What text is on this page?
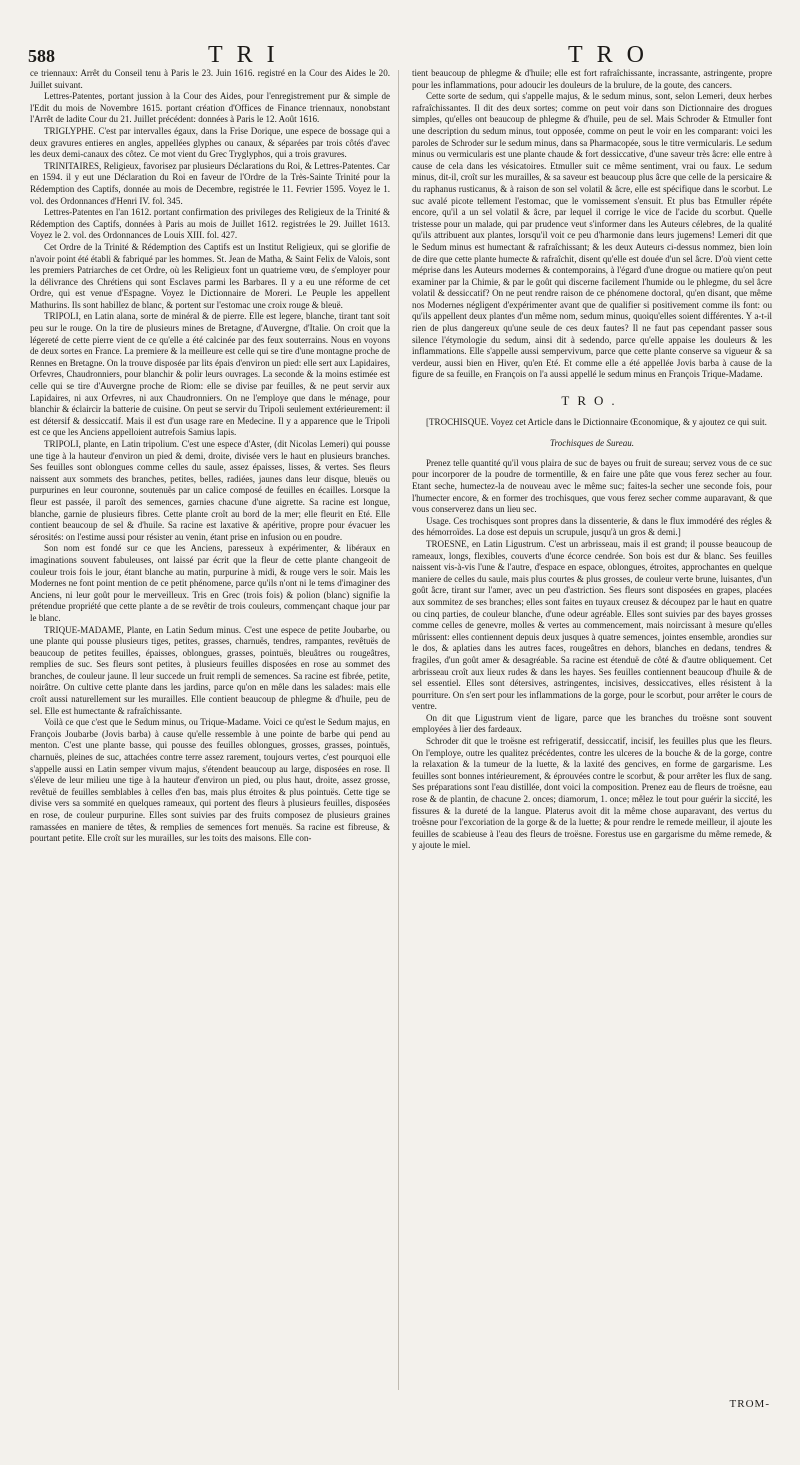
588	TRI	TRO

ce triennaux: Arrêt du Conseil tenu à Paris le 23. Juin 1616. registré en la Cour des Aides le 20. Juillet suivant.

Lettres-Patentes, portant jussion à la Cour des Aides, pour l'enregistrement pur & simple de l'Edit du mois de Novembre 1615. portant création d'Offices de Finance triennaux, nonobstant l'Arrêt de ladite Cour du 21. Juillet précédent: données à Paris le 12. Août 1616.

TRIGLYPHE. C'est par intervalles égaux, dans la Frise Dorique, une espece de bossage qui a deux gravures entieres en angles, appellées glyphes ou canaux, & séparées par trois côtés d'avec les deux demi-canaux des côtez. Ce mot vient du Grec Tryglyphos, qui a trois gravures.

TRINITAIRES, Religieux, favorisez par plusieurs Déclarations du Roi, & Lettres-Patentes. Car en 1594. il y eut une Déclaration du Roi en faveur de l'Ordre de la Très-Sainte Trinité pour la Rédemption des Captifs, donnée au mois de Decembre, registrée le 11. Fevrier 1595. Voyez le 1. vol. des Ordonnances d'Henri IV. fol. 345.

Lettres-Patentes en l'an 1612. portant confirmation des privileges des Religieux de la Trinité & Rédemption des Captifs, données à Paris au mois de Juillet 1612. registrées le 29. Juillet 1613. Voyez le 2. vol. des Ordonnances de Louis XIII. fol. 427.

Cet Ordre de la Trinité & Rédemption des Captifs est un Institut Religieux, qui se glorifie de n'avoir point été établi & fabriqué par les hommes. St. Jean de Matha, & Saint Felix de Valois, sont les premiers Patriarches de cet Ordre, où les Religieux font un quatrieme vœu, de s'employer pour la délivrance des Chrétiens qui sont Esclaves parmi les Barbares. Il y a eu une réforme de cet Ordre, qui est venue d'Espagne. Voyez le Dictionnaire de Moreri. Le Peuple les appellent Mathurins. Ils sont habillez de blanc, & portent sur l'estomac une croix rouge & bleuë.

TRIPOLI, en Latin alana, sorte de minéral & de pierre. Elle est legere, blanche, tirant tant soit peu sur le rouge. On la tire de plusieurs mines de Bretagne, d'Auvergne, d'Italie. On croit que la légereté de cette pierre vient de ce qu'elle a été calcinée par des feux souterrains. Nous en voyons de deux sortes en France. La premiere & la meilleure est celle qui se tire d'une montagne proche de Rennes en Bretagne. On la trouve disposée par lits épais d'environ un pied: elle sert aux Lapidaires, Orfevres, Chaudronniers, pour blanchir & polir leurs ouvrages. La seconde & la moins estimée est celle qui se tire d'Auvergne proche de Riom: elle se divise par feuilles, & ne peut servir aux Lapidaires, ni aux Orfevres, ni aux Chaudronniers. On ne l'employe que dans le ménage, pour blanchir & éclaircir la batterie de cuisine. On peut se servir du Tripoli seulement extérieurement: il est détersif & dessiccatif. Mais il est d'un usage rare en Medecine. Il y a apparence que le Tripoli est ce que les Anciens appelloient autrefois Samius lapis.

TRIPOLI, plante, en Latin tripolium. C'est une espece d'Aster, (dit Nicolas Lemeri) qui pousse une tige à la hauteur d'environ un pied & demi, droite, divisée vers le haut en plusieurs branches. Ses feuilles sont oblongues comme celles du saule, assez épaisses, lisses, & vertes. Ses fleurs naissent aux sommets des branches, petites, belles, radiées, jaunes dans leur disque, bleuës ou purpurines en leur couronne, soutenuës par un calice composé de feuilles en écailles. Lorsque la fleur est passée, il paroît des semences, garnies chacune d'une aigrette. Sa racine est longue, blanche, garnie de plusieurs fibres. Cette plante croît au bord de la mer; elle fleurit en Eté. Elle contient beaucoup de sel & d'huile. Sa racine est laxative & apéritive, propre pour évacuer les sérosités: on l'estime aussi pour résister au venin, étant prise en infusion ou en poudre.

Son nom est fondé sur ce que les Anciens, paresseux à expérimenter, & libéraux en imaginations souvent fabuleuses, ont laissé par écrit que la fleur de cette plante changeoit de couleur trois fois le jour, étant blanche au matin, purpurine à midi, & rouge vers le soir. Mais les Modernes ne font point mention de ce petit phénomene, parce qu'ils n'ont ni le tems d'imaginer des Anciens, ni leur goût pour le merveilleux. Tris en Grec (trois fois) & polion (blanc) signifie la prétendue propriété que cette plante a de se revêtir de trois couleurs, commençant chaque jour par le blanc.

TRIQUE-MADAME, Plante, en Latin Sedum minus. C'est une espece de petite Joubarbe, ou une plante qui pousse plusieurs tiges, petites, grasses, charnuës, tendres, rampantes, revêtuës de beaucoup de petites feuilles, épaisses, oblongues, grasses, pointuës, bleuâtres ou rougeâtres, remplies de suc. Ses fleurs sont petites, à plusieurs feuilles disposées en rose au sommet des branches, de couleur jaune. Il leur succede un fruit rempli de semences. Sa racine est fibrée, petite, noirâtre. On cultive cette plante dans les jardins, parce qu'on en mêle dans les salades: mais elle croît aussi naturellement sur les murailles. Elle contient beaucoup de phlegme & d'huile, peu de sel. Elle est humectante & rafraîchissante.

Voilà ce que c'est que le Sedum minus, ou Trique-Madame. Voici ce qu'est le Sedum majus, en François Joubarbe (Jovis barba) à cause qu'elle ressemble à une pointe de barbe qui pend au menton. C'est une plante basse, qui pousse des feuilles oblongues, grosses, grasses, pointuës, charnuës, pleines de suc, attachées contre terre assez rarement, toujours vertes, c'est pourquoi elle s'appelle aussi en Latin semper vivum majus, s'étendent beaucoup au large, disposées en rose. Il s'éleve de leur milieu une tige à la hauteur d'environ un pied, ou plus haut, droite, assez grosse, revêtuë de feuilles semblables à celles d'en bas, mais plus étroites & plus pointuës. Cette tige se divise vers sa sommité en quelques rameaux, qui portent des fleurs à plusieurs feuilles, disposées en rose, de couleur purpurine. Elles sont suivies par des fruits composez de plusieurs graines ramassées en maniere de têtes, & remplies de semences fort menuës. Sa racine est fibreuse, & pourtant petite. Elle croît sur les murailles, sur les toits des maisons. Elle con-

tient beaucoup de phlegme & d'huile; elle est fort rafraîchissante, incrassante, astringente, propre pour les inflammations, pour adoucir les douleurs de la brulure, de la goute, des cancers.

Cette sorte de sedum, qui s'appelle majus, & le sedum minus, sont, selon Lemeri, deux herbes rafraîchissantes. Il dit des deux sortes; comme on peut voir dans son Dictionnaire des drogues simples, qu'elles ont beaucoup de phlegme & d'huile, peu de sel. Mais Schroder & Etmuller font une description du sedum minus, tout opposée, comme on peut le voir en les comparant: voici les paroles de Schroder sur le sedum minus, dans sa Pharmacopée, sous le titre vermicularis. Le sedum minus ou vermicularis est une plante chaude & fort dessiccative, d'une saveur très âcre: elle entre à cause de cela dans les vésicatoires. Etmuller suit ce même sentiment, vrai ou faux. Le sedum minus, dit-il, croît sur les murailles, & sa saveur est beaucoup plus âcre que celle de la persicaire & du raphanus rusticanus, & à raison de son sel volatil & âcre, elle est spécifique dans le scorbut. Le suc avalé picote tellement l'estomac, que le vomissement s'ensuit. Et plus bas Etmuller répéte encore, qu'il a un sel volatil & âcre, par lequel il corrige le vice de l'acide du scorbut. Quelle tristesse pour un malade, qui par prudence veut s'informer dans les Auteurs célebres, de la qualité qu'ils attribuent aux plantes, lorsqu'il voit ce peu d'harmonie dans leurs jugemens! Lemeri dit que le Sedum minus est humectant & rafraîchissant; & les deux Auteurs ci-dessus nommez, bien loin de dire que cette plante humecte & rafraîchit, disent qu'elle est douée d'un sel âcre. D'où vient cette méprise dans les Auteurs modernes & contemporains, à l'égard d'une drogue ou matiere qu'on peut examiner par la Chimie, & par le goût qui discerne facilement l'humide ou le phlegme, du sel âcre volatil & dessiccatif? On ne peut rendre raison de ce phénomene doctoral, qu'en disant, que même nos Modernes négligent d'expérimenter avant que de qualifier si positivement comme ils font: ou qu'ils appellent deux plantes d'un même nom, sedum minus, quoiqu'elles soient différentes. Y a-t-il rien de plus dangereux qu'une seule de ces deux fautes? Il ne faut pas cependant passer sous silence l'étymologie du sedum, ainsi dit à sedendo, parce qu'elle appaise les douleurs & les inflammations. Elle s'appelle aussi sempervivum, parce que cette plante conserve sa vigueur & sa verdeur, aussi bien en Hiver, qu'en Eté. Et comme elle a été appellée Jovis barba à cause de la figure de sa feuille, en François on l'a aussi appellé le sedum minus en François Trique-Madame.

TRO.

[TROCHISQUE. Voyez cet Article dans le Dictionnaire Œconomique, & y ajoutez ce qui suit.

Trochisques de Sureau.

Prenez telle quantité qu'il vous plaira de suc de bayes ou fruit de sureau; servez vous de ce suc pour incorporer de la poudre de tormentille, & en faire une pâte que vous ferez secher au four. Etant seche, humectez-la de nouveau avec le même suc; faites-la secher une seconde fois, pour l'humecter encore, & en former des trochisques, que vous ferez secher comme auparavant, & que vous conserverez dans un lieu sec.

Usage. Ces trochisques sont propres dans la dissenterie, & dans le flux immodéré des régles & des hémorroïdes. La dose est depuis un scrupule, jusqu'à un gros & demi.]

TROESNE, en Latin Ligustrum. C'est un arbrisseau, mais il est grand; il pousse beaucoup de rameaux, longs, flexibles, couverts d'une écorce cendrée. Son bois est dur & blanc. Ses feuilles naissent vis-à-vis l'une & l'autre, d'espace en espace, oblongues, étroites, approchantes en quelque maniere de celles du saule, mais plus courtes & plus grosses, de couleur verte brune, luisantes, d'un goût âcre, tirant sur l'amer, avec un peu d'astriction. Ses fleurs sont disposées en grapes, placées aux sommitez de ses branches; elles sont faites en tuyaux creusez & découpez par le haut en quatre ou cinq parties, de couleur blanche, d'une odeur agréable. Elles sont suivies par des bayes grosses comme celles de genevre, molles & vertes au commencement, mais noircissant à mesure qu'elles mûrissent: elles contiennent depuis deux jusques à quatre semences, jointes ensemble, arondies sur le dos, & aplaties dans les autres faces, rougeâtres en dehors, blanches en dedans, tendres & fragiles, d'un goût amer & desagréable. Sa racine est étenduë de côté & d'autre obliquement. Cet arbrisseau croît aux lieux rudes & dans les hayes. Ses feuilles contiennent beaucoup d'huile & de sel essentiel. Elles sont détersives, astringentes, incisives, dessiccatives, elles résistent à la pourriture. On s'en sert pour les inflammations de la gorge, pour le scorbut, pour arrêter le cours de ventre.

On dit que Ligustrum vient de ligare, parce que les branches du troësne sont souvent employées à lier des fardeaux.

Schroder dit que le troësne est refrigeratif, dessiccatif, incisif, les feuilles plus que les fleurs. On l'employe, outre les qualitez précédentes, contre les ulceres de la bouche & de la gorge, contre la relaxation & la tumeur de la luette, & la laxité des gencives, en forme de gargarisme. Les feuilles sont bonnes intérieurement, & éprouvées contre le scorbut, & pour arrêter les flux de sang. Ses préparations sont l'eau distillée, dont voici la composition. Prenez eau de fleurs de troësne, eau rose & de plantin, de chacune 2. onces; diamorum, 1. once; mêlez le tout pour guérir la siccité, les fissures & la dureté de la langue. Platerus avoit dit la même chose auparavant, des vertus du troësne pour l'excoriation de la gorge & de la luette; & pour rendre le remede meilleur, il ajoute les feuilles de scabieuse à l'eau des fleurs de troësne. Forestus use en gargarisme du même remede, & y ajoute le miel.

TROM-
